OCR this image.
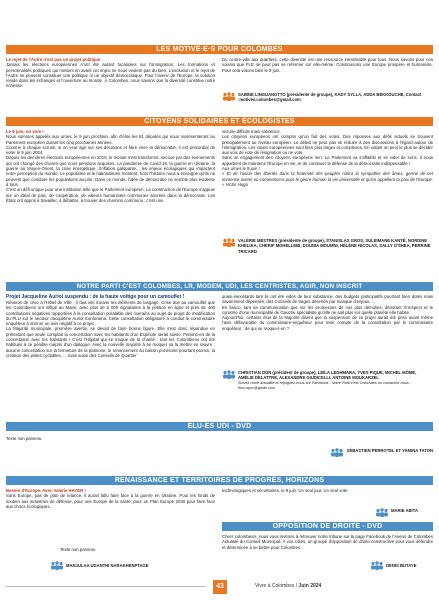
LES MOTIVÉ·E·S POUR COLOMBES

Le rejet de l'Autre n'est pas un projet politique

Jamais les élections européennes n'ont été autant focalisées sur l'immigration. Les formations et personnalités politiques qui mettent en avant cet enjeu ne nous veulent pas du bien. L'exclusion et le rejet de l'Autre ne peuvent constituer une politique ni un objectif démocratique. Pour l'avenir de l'Europe, la solution réside dans les échanges et l'ouverture au monde. À Colombes, nous savons que la diversité constitue notre richesse.

Du centre-ville aux quartiers, cette diversité est une ressource inestimable pour tous. Nous savons pour nos voisins que FLE ne peut pas se refermer sur elle-même. Construisons une Europe prospère et humaniste. Pour cela votons bien le 9 juin.

SABINE LINGUANOTTO (présidente de groupe), KADY SYLLA, ADDA BEKKOUCHE, Contact :motives.colombes@gmail.com

CITOYENS SOLIDAIRES ET ÉCOLOGISTES

Le 9 juin, on vote !

Nous sommes appelés aux urnes, le 9 juin prochain, afin d'élire les 81 députés qui nous représenteront au Parlement européen durant les cinq prochaines années.

Comme à chaque scrutin, si on veut agir sur ses décisions et faire vivre la démocratie, il est primordial de voter le 9 juin 2024.

Depuis les dernières élections européennes en 2019, le monde s'est transformé, secoué par des événements qui ont changé des choses que nous pensions acquises. La pandémie de Covid-19, la guerre en Ukraine, la guerre au Moyen-Orient, la crise énergétique, l'inflation galopante... les enjeux écologiques qui impactent notre perception du monde. Le populisme et le nationalisme montent, hors l'histoire nous a enseigné qu'ils ne peuvent que conduire les populations au pire. Dans ce monde, l'idée de démocratie ne semble plus évidente à tous.

C'est un défi unique pour une institution telle que le Parlement européen. La construction de l'Europe s'appuie sur un idéal de paix, de coopération, de valeurs humanistes communes ancrées dans la démocratie. Les États ont appris à travailler, à débattre, à trouver des chemins communs : c'est une

victoire difficile mais salvatrice.

Les citoyens européens ont compris qu'on fait des votes. Des réponses aux défis actuels se trouvent principalement au niveau européen. Le débat ne peut pas se réduire à des discussions à l'égard autour de l'immigration. Les vraies européennes sont bien plus larges et complexes. En votant on peut le plus se décider aux voix de vote de résignation ou ne vote.

Sans un engagement des citoyens européens rien. Le Parlement va s'affaiblir et se vider de sens. Il nous appartient de maintenir l'Europe en vie, et de continuer la défense de la démocratie indispensable !

Aux urnes le 9 juin !

« Et de l'union des libertés dans la fraternité des peuples naîtra la sympathie des âmes, germe de cet immense avenir où commencera pour le genre humain la vie universelle et qu'on appellera la paix de l'Europe. » Victor Hugo

VALÉRIE MESTRES (présidente de groupe), STANISLAS GROS, SULEIMANE KANTÉ, NORDINE KHELIKA, CHERIF MOHELLEBI, DOUNIA MOUMNI, HÉLÈNE NICOLAS, SALLY O'SHEA, PERRINE TRICARD

NOTRE PARTI C'EST COLOMBES, LR, MODEM, UDI, LES CENTRISTES, AGIR, NON INSCRIT

Projet Jacqueline Auriol suspendu : de la haute voltige pour un camouflet !

Réunion de crise à l'Hôtel de Ville : il faut vite trouver les éléments de langage. Crise due au camouflet que les Colombiens ont infligé au Maire, avec plus de 2 000 signataires à la pétition en ligne et près de 400 contributions négatives rapportées à la consultation préalable des riverains au sujet du projet de modification du PLU sur le secteur Jacqueline Auriol-Conforama. Cette consultation obligatoire a conduit le commissaire enquêteur à donner un avis négatif à ce projet.

La Majorité municipale, première avertie, se devait de faire bonne figure. Elle s'est donc répandue en prétextant que seule comptait la concertation avec les habitants d'un Espinole serait suivie. Parlons-en de la concertation avec les habitants ! C'est l'Hôpital qui se moque de la charité : tant les Colombiens ont été habitués à ce pénible mépris d'un dialogue. Avec la nouvelle majorité à se moquer sa la mettre en œuvre : aucune concertation sur la fermeture de la patinoire, le renoncement au bassin provisoire pourtant promis, la création des pistes cyclables, ... mais aussi des Conseils de Quartier

quasi-inexistants tant ils ont été vidés de leur substance, des budgets participatifs pourtant bien dotés mais savamment dépensés, des Conseils de Sages désertés par manque d'enjeux, ...

En fiasco, tant sa communication que sur les promesses de nos plus démolies, dénotant l'irrespect et le cynisme d'une municipalité de Gauche spécialiste qu'elle ne sait plus sur quelle planète elle habite.

Aujourd'hui, certains élus de la Majorité disent que la suspension de ce projet aurait été prise avant même l'avis défavorable du commissaire-enquêteur pour tenir compte de la consultation par le commissaire enquêteur : de qui se moque-t-on ?

CHRISTIAN DON (président de groupe), LEÏLA LEGHMARA, YVES PIQUE, MICHEL MÔME, AMÉLIE DELATTRE, ALEXANDRE GIUDICELLI, ANTOINE MOUKARZEL

Suivez notre actualité et rejoignez-nous sur Facebook : Notre Parti c'est Colombes ou contactez-nous : elus.npcc@gmail.com

ÉLU-ES UDI - DVD

Texte non parvenu

SÉBASTIEN PERROTEL ET YAMINA TATON

RENAISSANCE ET TERRITOIRES DE PROGRÈS, HORIZONS

Besoin d'Europe. Avec Valerie HAYER !

Sans Europe, pas de plan de relance, il aurait fallu faire face à la guerre en Ukraine. Pour les fonds de soutien aux industries de défense, pour une Europe de la santé, pour un Plan Europe 2030 pour faire face aux chocs écologiques,

technologiques et sécuritaires, le 9 juin. Un seul jour. Un seul vote.

MARIE ABITA

Texte non parvenu

MANJULAA UDANTHI NARAKHENPTAGE

OPPOSITION DE DROITE - DVD

Chers colombiens, nous vous invitons à retrouver notre tribune sur la page Facebook de l'Avenir de Colombes Actualité du Conseil Municipal. À vos côtés, un groupe d'opposition de droite constructive pour vous défendre et déterminée à se battre pour Colombes.

DENIS BUTAYE

43	Vivre à Colombes / Juin 2024
